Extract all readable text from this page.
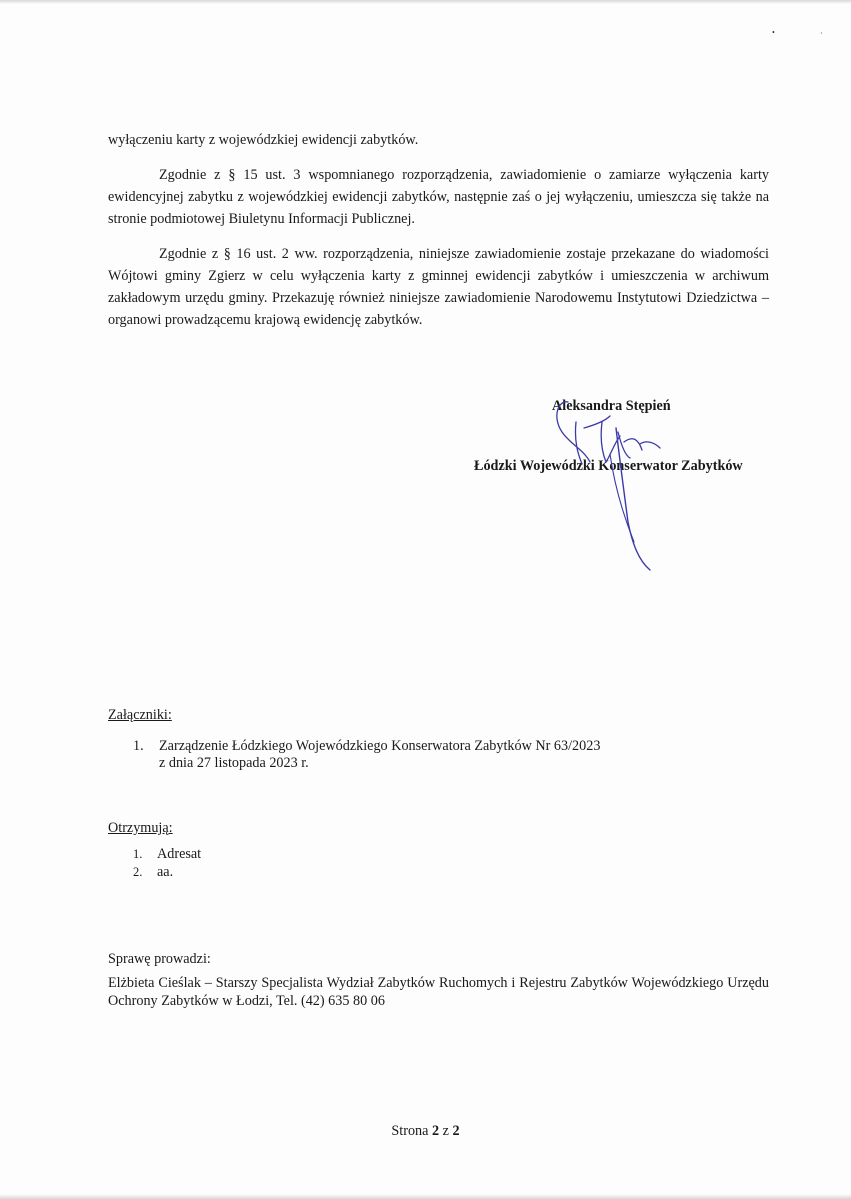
•	·

wyłączeniu karty z wojewódzkiej ewidencji zabytków.

Zgodnie z § 15 ust. 3 wspomnianego rozporządzenia, zawiadomienie o zamiarze wyłączenia karty ewidencyjnej zabytku z wojewódzkiej ewidencji zabytków, następnie zaś o jej wyłączeniu, umieszcza się także na stronie podmiotowej Biuletynu Informacji Publicznej.

Zgodnie z § 16 ust. 2 ww. rozporządzenia, niniejsze zawiadomienie zostaje przekazane do wiadomości Wójtowi gminy Zgierz w celu wyłączenia karty z gminnej ewidencji zabytków i umieszczenia w archiwum zakładowym urzędu gminy. Przekazuję również niniejsze zawiadomienie Narodowemu Instytutowi Dziedzictwa – organowi prowadzącemu krajową ewidencję zabytków.

Aleksandra Stępień
Łódzki Wojewódzki Konserwator Zabytków
Załączniki:
1.	Zarządzenie Łódzkiego Wojewódzkiego Konserwatora Zabytków Nr 63/2023
z dnia 27 listopada 2023 r.
Otrzymują:
1.	Adresat
2.	aa.
Sprawę prowadzi:
Elżbieta Cieślak – Starszy Specjalista Wydział Zabytków Ruchomych i Rejestru Zabytków Wojewódzkiego Urzędu Ochrony Zabytków w Łodzi, Tel. (42) 635 80 06
Strona 2 z 2
